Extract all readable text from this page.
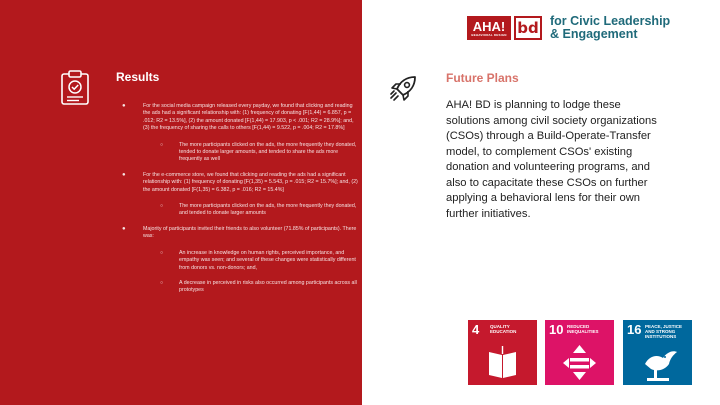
Results
●	For the social media campaign released every payday, we found that clicking and reading the ads had a significant relationship with: (1) frequency of donating [F(1,44) = 6.857, p = .012; R2 = 13.5%], (2) the amount donated [F(1,44) = 17.903, p < .001; R2 = 28.9%]; and, (3) the frequency of sharing the calls to others [F(1,44) = 9.522, p = .004; R2 = 17.8%]
○	The more participants clicked on the ads, the more frequently they donated, tended to donate larger amounts, and tended to share the ads more frequently as well
●	For the e-commerce store, we found that clicking and reading the ads had a significant relationship with: (1) frequency of donating [F(1,35) = 5.543, p = .015; R2 = 15.7%]; and, (2) the amount donated [F(1,35) = 6.382, p = .016; R2 = 15.4%]
○	The more participants clicked on the ads, the more frequently they donated, and tended to donate larger amounts
●	Majority of participants invited their friends to also volunteer (71.85% of participants). There was:
○	An increase in knowledge on human rights, perceived importance, and empathy was seen; and several of these changes were statistically different from donors vs. non-donors; and,
○	A decrease in perceived in risks also occurred among participants across all prototypes
AHA!
BEHAVIORAL DESIGN bd for Civic Leadership
& Engagement
Future Plans
AHA! BD is planning to lodge these solutions among civil society organizations (CSOs) through a Build-Operate-Transfer model, to complement CSOs' existing donation and volunteering programs, and also to capacitate these CSOs on further applying a behavioral lens for their own further initiatives.
4 QUALITY EDUCATION	10 REDUCED INEQUALITIES	16 PEACE, JUSTICE AND STRONG INSTITUTIONS
